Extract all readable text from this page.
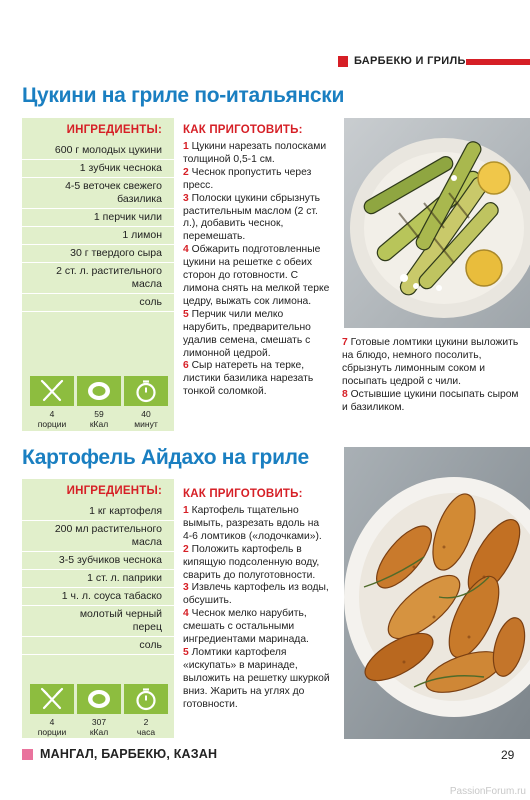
БАРБЕКЮ И ГРИЛЬ
Цукини на гриле по-итальянски
ИНГРЕДИЕНТЫ:
600 г молодых цукини
1 зубчик чеснока
4-5 веточек свежего базилика
1 перчик чили
1 лимон
30 г твердого сыра
2 ст. л. растительного масла
соль
4
порции
59
кКал
40
минут
КАК ПРИГОТОВИТЬ:

1 Цукини нарезать полосками толщиной 0,5-1 см.

2 Чеснок пропустить через пресс.

3 Полоски цукини сбрызнуть растительным маслом (2 ст. л.), добавить чеснок, перемешать.

4 Обжарить подготовленные цукини на решетке с обеих сторон до готовности. С лимона снять на мелкой терке цедру, выжать сок лимона.

5 Перчик чили мелко нарубить, предварительно удалив семена, смешать с лимонной цедрой.

6 Сыр натереть на терке, листики базилика нарезать тонкой соломкой.

7 Готовые ломтики цукини выложить на блюдо, немного посолить, сбрызнуть лимонным соком и посыпать цедрой с чили.

8 Остывшие цукини посыпать сыром и базиликом.

Картофель Айдахо на гриле
ИНГРЕДИЕНТЫ:
1 кг картофеля
200 мл растительного масла
3-5 зубчиков чеснока
1 ст. л. паприки
1 ч. л. соуса табаско
молотый черный перец
соль
4
порции
307
кКал
2
часа
КАК ПРИГОТОВИТЬ:

1 Картофель тщательно вымыть, разрезать вдоль на 4-6 ломтиков («лодочками»).

2 Положить картофель в кипящую подсоленную воду, сварить до полуготовности.

3 Извлечь картофель из воды, обсушить.

4 Чеснок мелко нарубить, смешать с остальными ингредиентами маринада.

5 Ломтики картофеля «искупать» в маринаде, выложить на решетку шкуркой вниз. Жарить на углях до готовности.

МАНГАЛ, БАРБЕКЮ, КАЗАН	29
PassionForum.ru
